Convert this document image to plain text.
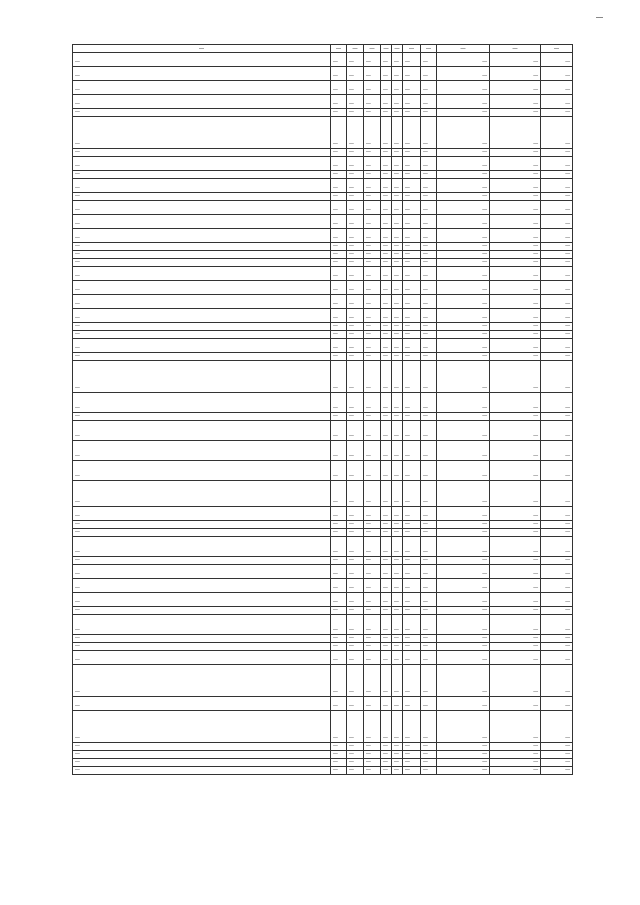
—
—	—	—	—	—	—	—	—	—	—	—
—	—	—	—	—	—	—	—	—	—	—
—	—	—	—	—	—	—	—	—	—	—
—	—	—	—	—	—	—	—	—	—	—
—	—	—	—	—	—	—	—	—	—	—
—	—	—	—	—	—	—	—	—	—	—
—	—	—	—	—	—	—	—	—	—	—
—	—	—	—	—	—	—	—	—	—	—
—	—	—	—	—	—	—	—	—	—	—
—	—	—	—	—	—	—	—	—	—	—
—	—	—	—	—	—	—	—	—	—	—
—	—	—	—	—	—	—	—	—	—	—
—	—	—	—	—	—	—	—	—	—	—
—	—	—	—	—	—	—	—	—	—	—
—	—	—	—	—	—	—	—	—	—	—
—	—	—	—	—	—	—	—	—	—	—
—	—	—	—	—	—	—	—	—	—	—
—	—	—	—	—	—	—	—	—	—	—
—	—	—	—	—	—	—	—	—	—	—
—	—	—	—	—	—	—	—	—	—	—
—	—	—	—	—	—	—	—	—	—	—
—	—	—	—	—	—	—	—	—	—	—
—	—	—	—	—	—	—	—	—	—	—
—	—	—	—	—	—	—	—	—	—	—
—	—	—	—	—	—	—	—	—	—	—
—	—	—	—	—	—	—	—	—	—	—
—	—	—	—	—	—	—	—	—	—	—
—	—	—	—	—	—	—	—	—	—	—
—	—	—	—	—	—	—	—	—	—	—
—	—	—	—	—	—	—	—	—	—	—
—	—	—	—	—	—	—	—	—	—	—
—	—	—	—	—	—	—	—	—	—	—
—	—	—	—	—	—	—	—	—	—	—
—	—	—	—	—	—	—	—	—	—	—
—	—	—	—	—	—	—	—	—	—	—
—	—	—	—	—	—	—	—	—	—	—
—	—	—	—	—	—	—	—	—	—	—
—	—	—	—	—	—	—	—	—	—	—
—	—	—	—	—	—	—	—	—	—	—
—	—	—	—	—	—	—	—	—	—	—
—	—	—	—	—	—	—	—	—	—	—
—	—	—	—	—	—	—	—	—	—	—
—	—	—	—	—	—	—	—	—	—	—
—	—	—	—	—	—	—	—	—	—	—
—	—	—	—	—	—	—	—	—	—	—
—	—	—	—	—	—	—	—	—	—	—
—	—	—	—	—	—	—	—	—	—	—
—	—	—	—	—	—	—	—	—	—	—
—	—	—	—	—	—	—	—	—	—	—
—	—	—	—	—	—	—	—	—	—	—
—	—	—	—	—	—	—	—	—	—	—
—	—	—	—	—	—	—	—	—	—	—
—	—	—	—	—	—	—	—	—	—	—
